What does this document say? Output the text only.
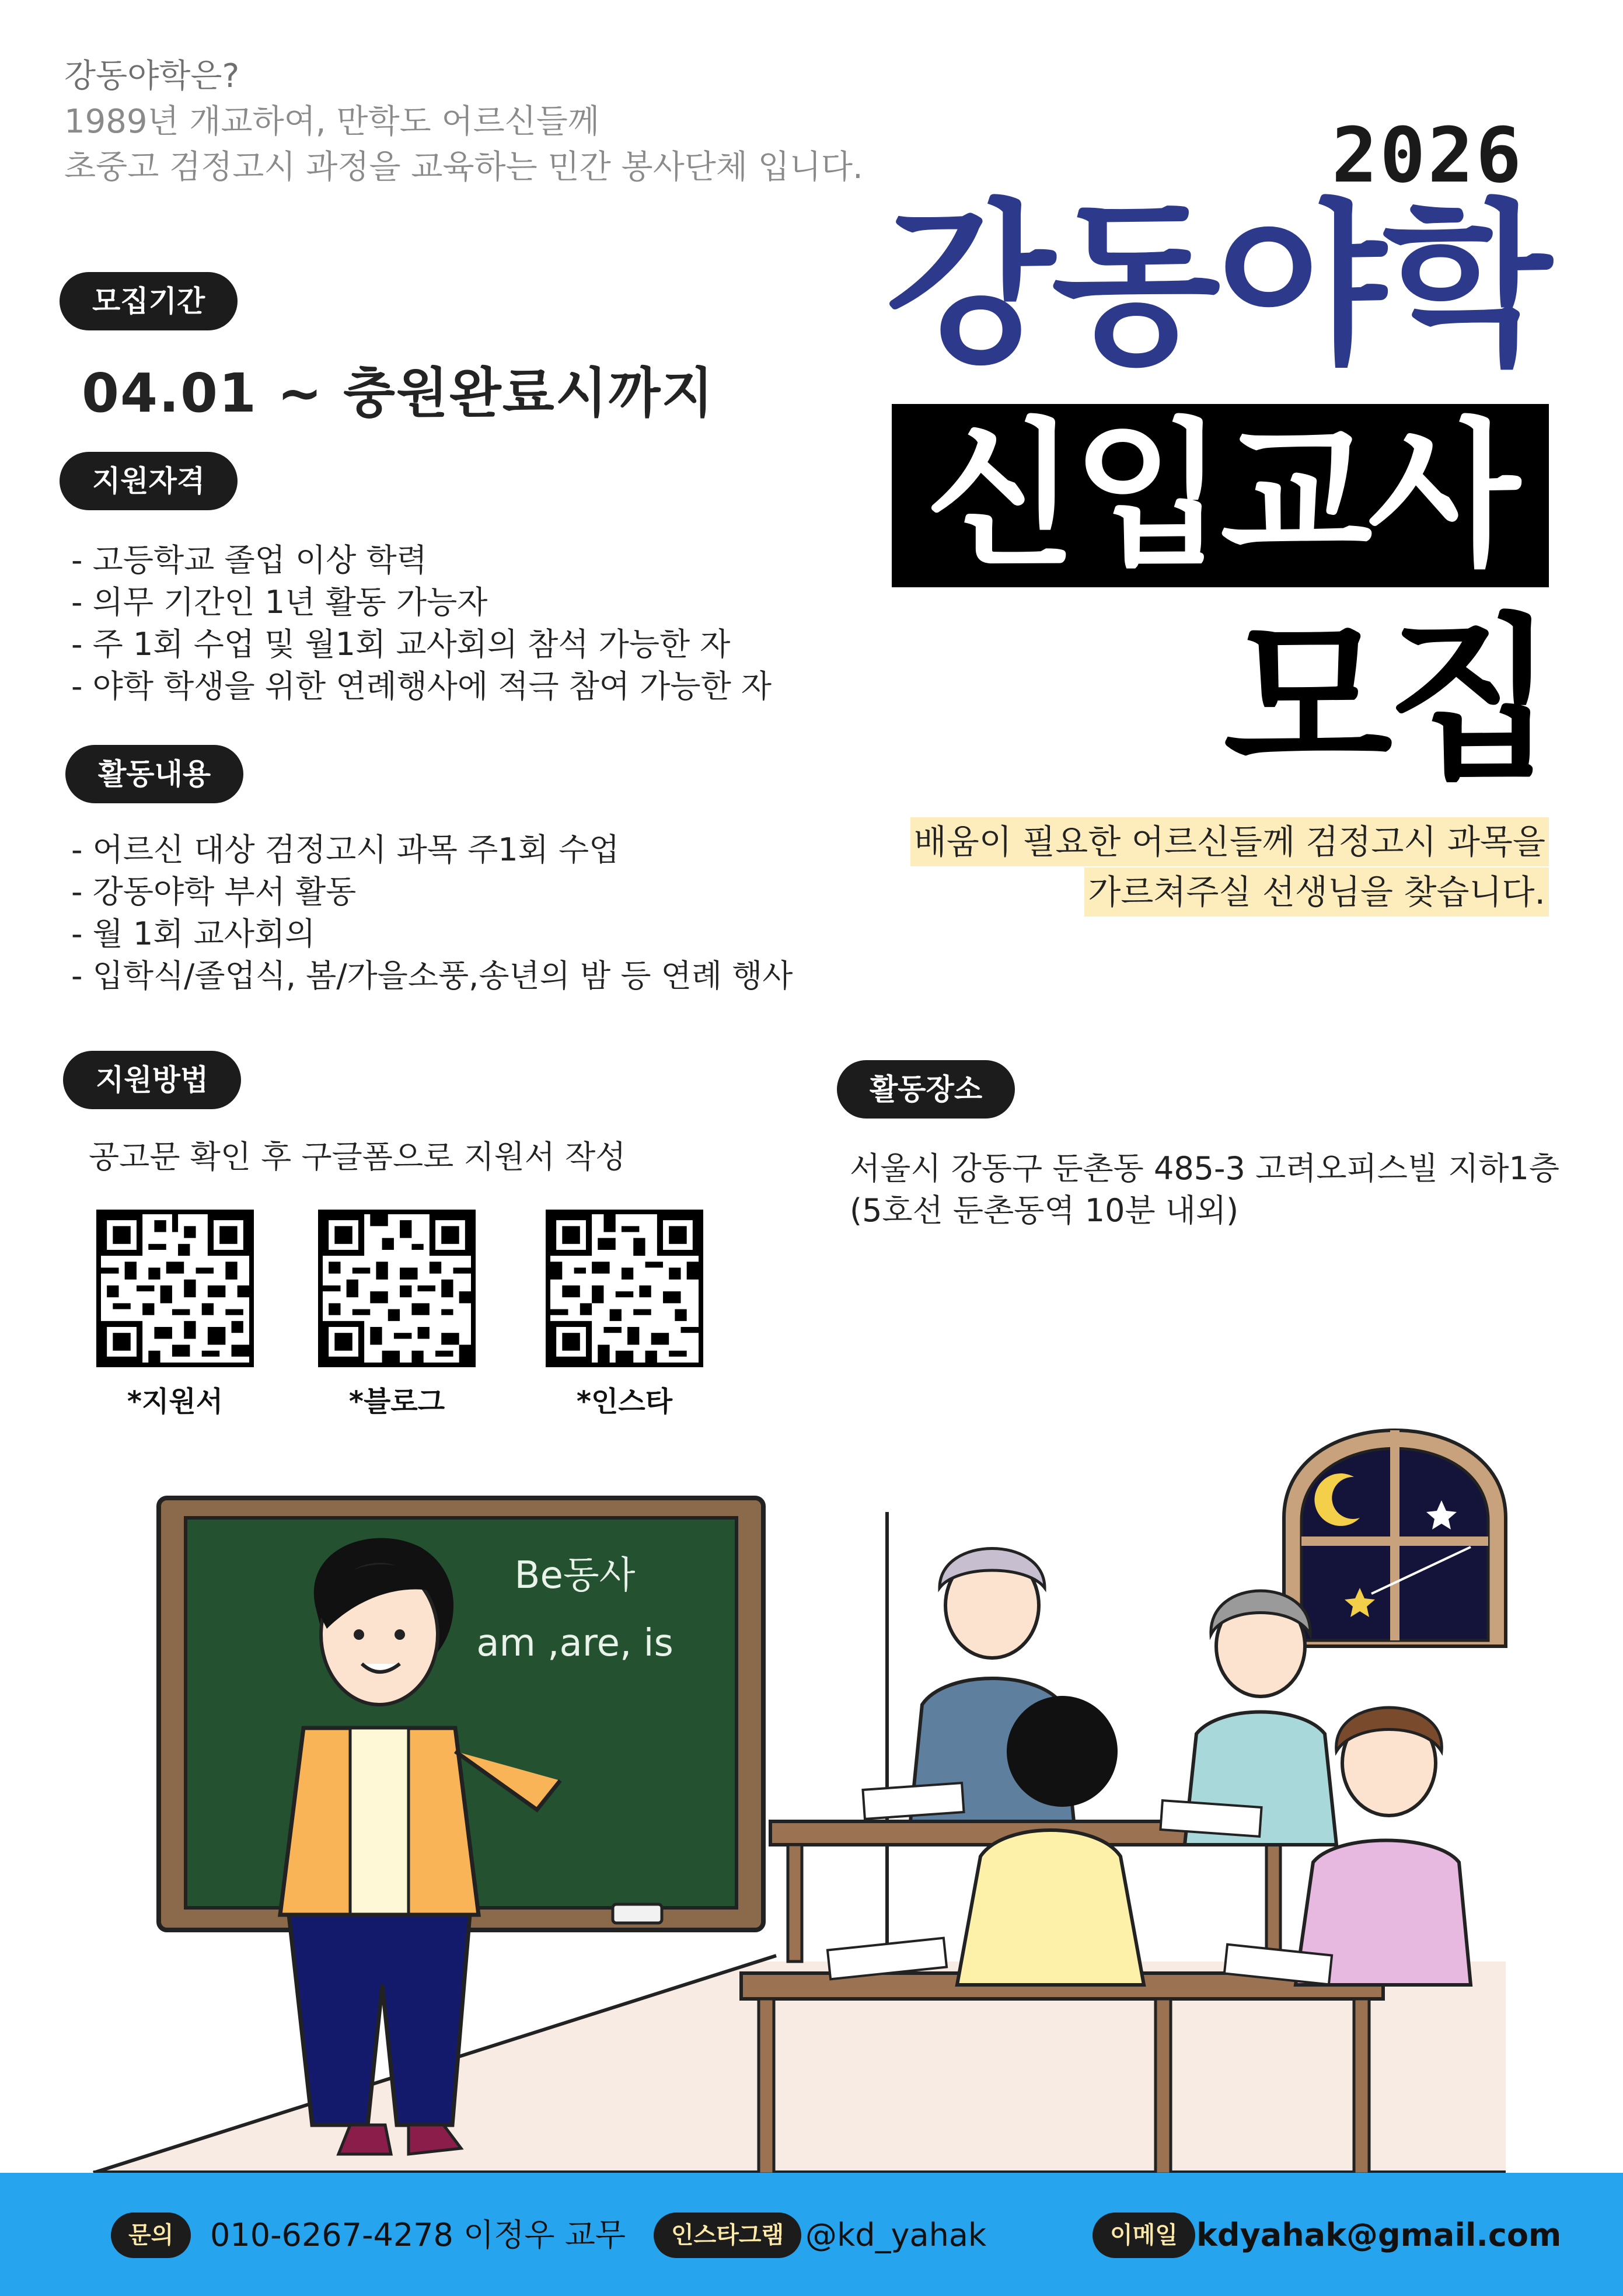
강동야학은?
1989년 개교하여, 만학도 어르신들께
초중고 검정고시 과정을 교육하는 민간 봉사단체 입니다.	2026
강동야학
신입교사
모집
배움이 필요한 어르신들께 검정고시 과목을
가르쳐주실 선생님을 찾습니다.
모집기간
04.01 ~ 충원완료시까지
지원자격
- 고등학교 졸업 이상 학력
- 의무 기간인 1년 활동 가능자
- 주 1회 수업 및 월1회 교사회의 참석 가능한 자
- 야학 학생을 위한 연례행사에 적극 참여 가능한 자
활동내용
- 어르신 대상 검정고시 과목 주1회 수업
- 강동야학 부서 활동
- 월 1회 교사회의
- 입학식/졸업식, 봄/가을소풍,송년의 밤 등 연례 행사
지원방법
공고문 확인 후 구글폼으로 지원서 작성
*지원서	*블로그	*인스타
활동장소
서울시 강동구 둔촌동 485-3 고려오피스빌 지하1층
(5호선 둔촌동역 10분 내외)
Be동사
am ,are, is
문의	010-6267-4278 이정우 교무	인스타그램 @kd_yahak	이메일 kdyahak@gmail.com
